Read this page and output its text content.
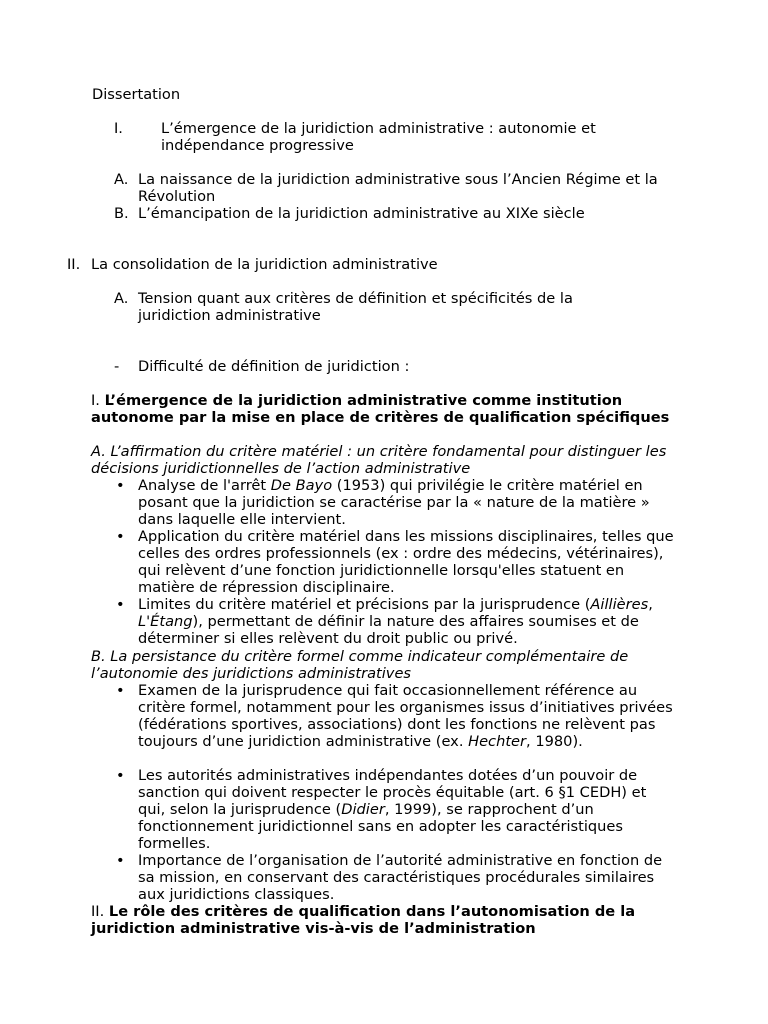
Dissertation
I.	L’émergence de la juridiction administrative : autonomie et indépendance progressive
A. La naissance de la juridiction administrative sous l’Ancien Régime et la Révolution
B. L’émancipation de la juridiction administrative au XIXe siècle
II. La consolidation de la juridiction administrative
A. Tension quant aux critères de définition et spécificités de la juridiction administrative
- Difficulté de définition de juridiction :
I. L’émergence de la juridiction administrative comme institution autonome par la mise en place de critères de qualification spécifiques
A. L’affirmation du critère matériel : un critère fondamental pour distinguer les décisions juridictionnelles de l’action administrative
• Analyse de l'arrêt De Bayo (1953) qui privilégie le critère matériel en posant que la juridiction se caractérise par la « nature de la matière » dans laquelle elle intervient.
• Application du critère matériel dans les missions disciplinaires, telles que celles des ordres professionnels (ex : ordre des médecins, vétérinaires), qui relèvent d’une fonction juridictionnelle lorsqu'elles statuent en matière de répression disciplinaire.
• Limites du critère matériel et précisions par la jurisprudence (Aillières, L'Étang), permettant de définir la nature des affaires soumises et de déterminer si elles relèvent du droit public ou privé.
B. La persistance du critère formel comme indicateur complémentaire de l’autonomie des juridictions administratives
• Examen de la jurisprudence qui fait occasionnellement référence au critère formel, notamment pour les organismes issus d’initiatives privées (fédérations sportives, associations) dont les fonctions ne relèvent pas toujours d’une juridiction administrative (ex. Hechter, 1980).
• Les autorités administratives indépendantes dotées d’un pouvoir de sanction qui doivent respecter le procès équitable (art. 6 §1 CEDH) et qui, selon la jurisprudence (Didier, 1999), se rapprochent d’un fonctionnement juridictionnel sans en adopter les caractéristiques formelles.
• Importance de l’organisation de l’autorité administrative en fonction de sa mission, en conservant des caractéristiques procédurales similaires aux juridictions classiques.
II. Le rôle des critères de qualification dans l’autonomisation de la juridiction administrative vis-à-vis de l’administration
